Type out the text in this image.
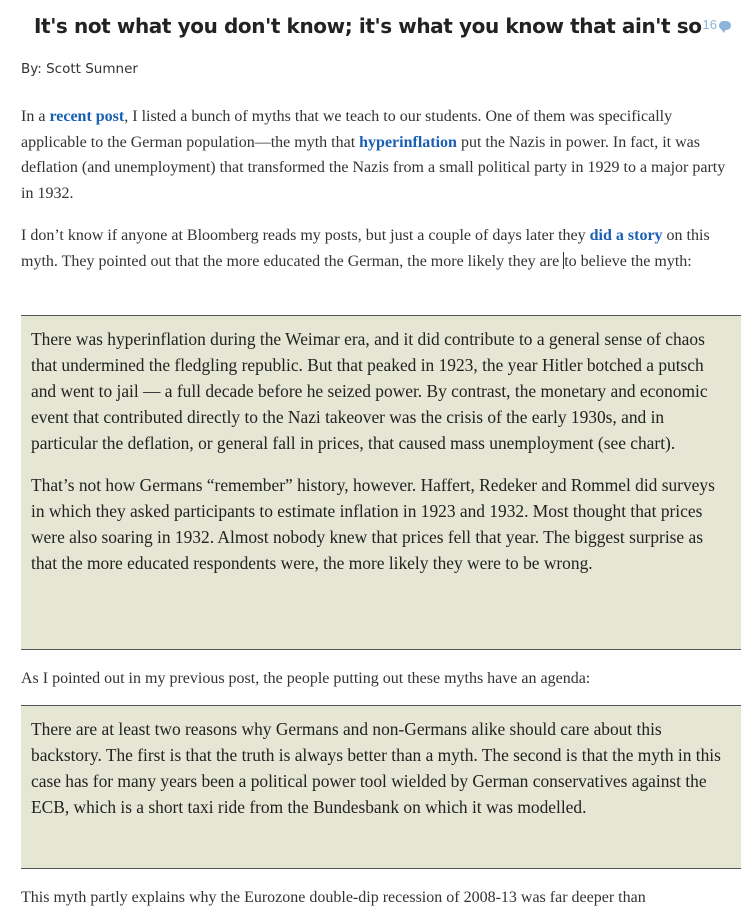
It's not what you don't know; it's what you know that ain't so 16
By: Scott Sumner
In a recent post, I listed a bunch of myths that we teach to our students. One of them was specifically applicable to the German population—the myth that hyperinflation put the Nazis in power. In fact, it was deflation (and unemployment) that transformed the Nazis from a small political party in 1929 to a major party in 1932.
I don’t know if anyone at Bloomberg reads my posts, but just a couple of days later they did a story on this myth. They pointed out that the more educated the German, the more likely they are to believe the myth:

There was hyperinflation during the Weimar era, and it did contribute to a general sense of chaos that undermined the fledgling republic. But that peaked in 1923, the year Hitler botched a putsch and went to jail — a full decade before he seized power. By contrast, the monetary and economic event that contributed directly to the Nazi takeover was the crisis of the early 1930s, and in particular the deflation, or general fall in prices, that caused mass unemployment (see chart).

That’s not how Germans “remember” history, however. Haffert, Redeker and Rommel did surveys in which they asked participants to estimate inflation in 1923 and 1932. Most thought that prices were also soaring in 1932. Almost nobody knew that prices fell that year. The biggest surprise as that the more educated respondents were, the more likely they were to be wrong.

As I pointed out in my previous post, the people putting out these myths have an agenda:

There are at least two reasons why Germans and non-Germans alike should care about this backstory. The first is that the truth is always better than a myth. The second is that the myth in this case has for many years been a political power tool wielded by German conservatives against the ECB, which is a short taxi ride from the Bundesbank on which it was modelled.

This myth partly explains why the Eurozone double-dip recession of 2008-13 was far deeper than
